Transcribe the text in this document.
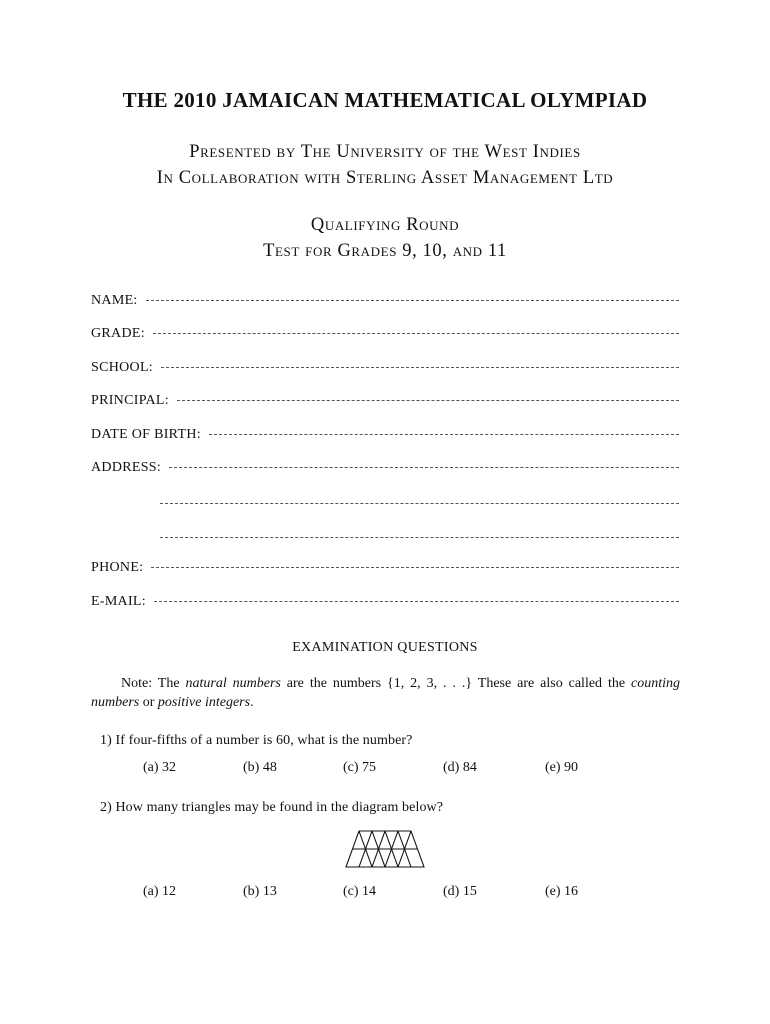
THE 2010 JAMAICAN MATHEMATICAL OLYMPIAD
Presented by The University of the West Indies
In Collaboration with Sterling Asset Management Ltd
Qualifying Round
Test for Grades 9, 10, and 11
NAME:
GRADE:
SCHOOL:
PRINCIPAL:
DATE OF BIRTH:
ADDRESS:
PHONE:
E-MAIL:
EXAMINATION QUESTIONS
Note: The natural numbers are the numbers {1, 2, 3, . . .} These are also called the counting numbers or positive integers.
1) If four-fifths of a number is 60, what is the number?
(a) 32	(b) 48	(c) 75	(d) 84	(e) 90
2) How many triangles may be found in the diagram below?
(a) 12	(b) 13	(c) 14	(d) 15	(e) 16
